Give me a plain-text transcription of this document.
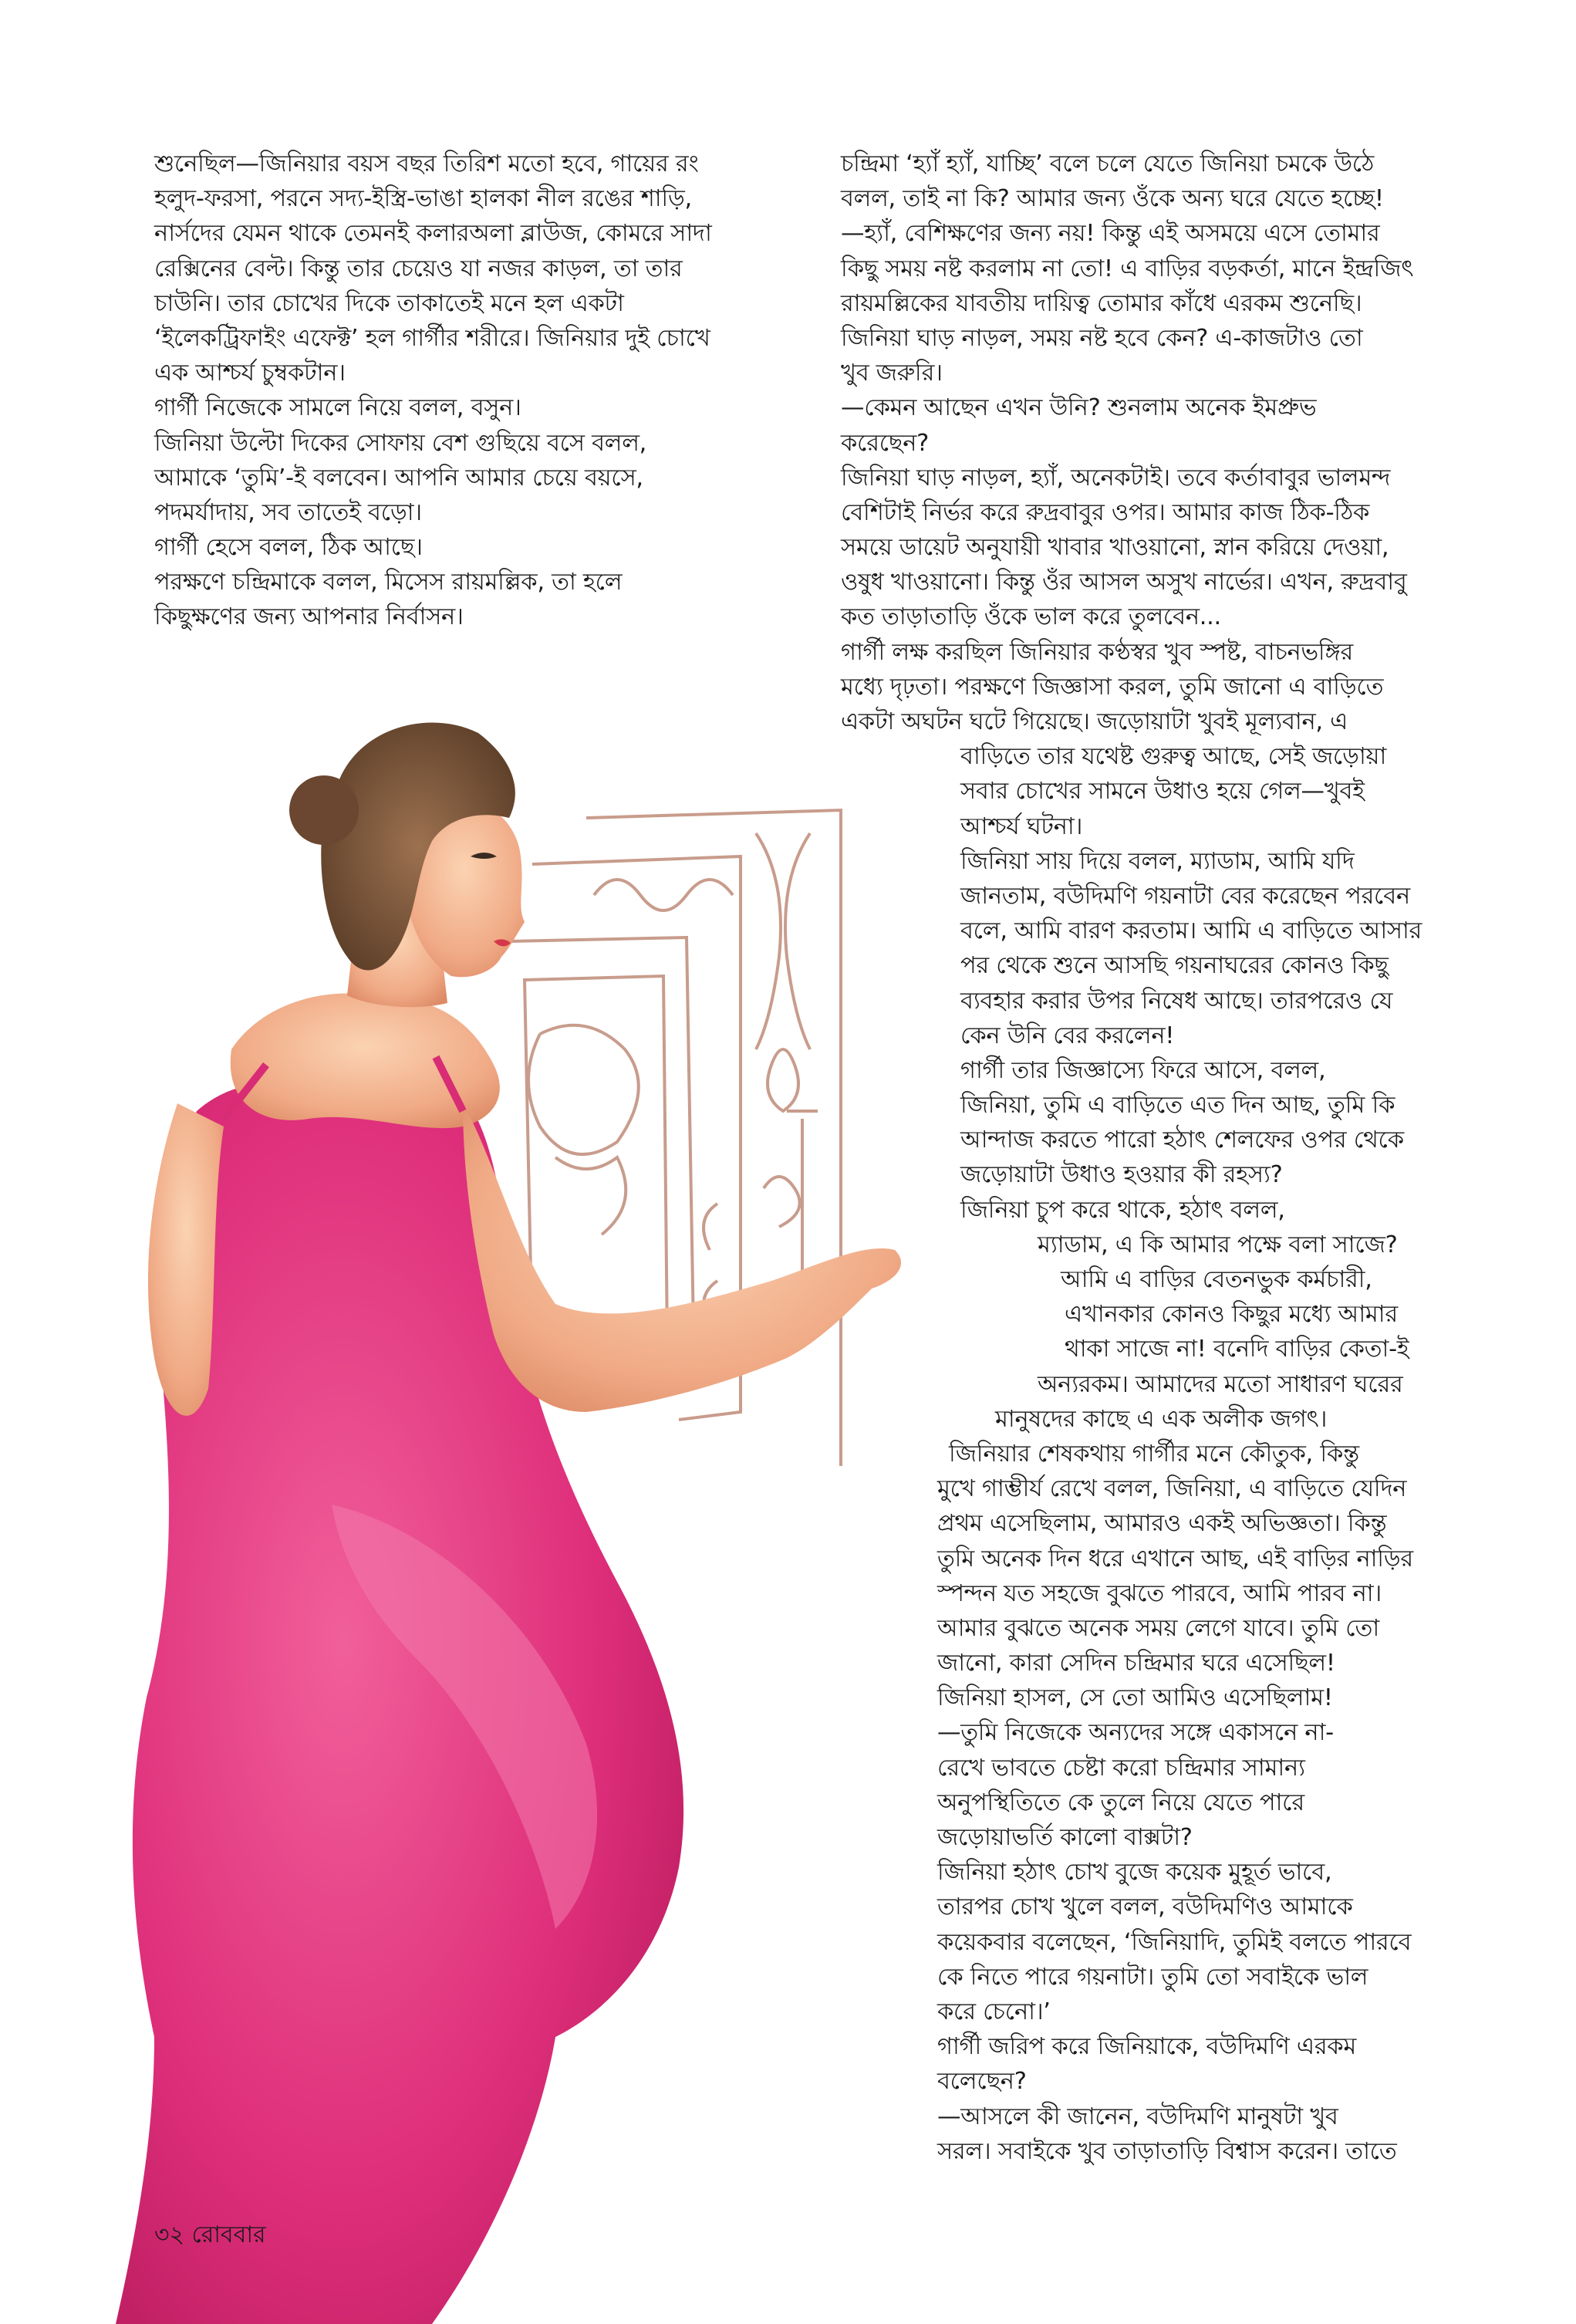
শুনেছিল—জিনিয়ার বয়স বছর তিরিশ মতো হবে, গায়ের রং
হলুদ-ফরসা, পরনে সদ্য-ইস্ত্রি-ভাঙা হালকা নীল রঙের শাড়ি,
নার্সদের যেমন থাকে তেমনই কলারঅলা ব্লাউজ, কোমরে সাদা
রেক্সিনের বেল্ট। কিন্তু তার চেয়েও যা নজর কাড়ল, তা তার
চাউনি। তার চোখের দিকে তাকাতেই মনে হল একটা
‘ইলেকট্রিফাইং এফেক্ট’ হল গার্গীর শরীরে। জিনিয়ার দুই চোখে
এক আশ্চর্য চুম্বকটান।
গার্গী নিজেকে সামলে নিয়ে বলল, বসুন।
জিনিয়া উল্টো দিকের সোফায় বেশ গুছিয়ে বসে বলল,
আমাকে ‘তুমি’-ই বলবেন। আপনি আমার চেয়ে বয়সে,
পদমর্যাদায়, সব তাতেই বড়ো।
গার্গী হেসে বলল, ঠিক আছে।
পরক্ষণে চন্দ্রিমাকে বলল, মিসেস রায়মল্লিক, তা হলে
কিছুক্ষণের জন্য আপনার নির্বাসন।
চন্দ্রিমা ‘হ্যাঁ হ্যাঁ, যাচ্ছি’ বলে চলে যেতে জিনিয়া চমকে উঠে
বলল, তাই না কি? আমার জন্য ওঁকে অন্য ঘরে যেতে হচ্ছে!
—হ্যাঁ, বেশিক্ষণের জন্য নয়! কিন্তু এই অসময়ে এসে তোমার
কিছু সময় নষ্ট করলাম না তো! এ বাড়ির বড়কর্তা, মানে ইন্দ্রজিৎ
রায়মল্লিকের যাবতীয় দায়িত্ব তোমার কাঁধে এরকম শুনেছি।
জিনিয়া ঘাড় নাড়ল, সময় নষ্ট হবে কেন? এ-কাজটাও তো
খুব জরুরি।
—কেমন আছেন এখন উনি? শুনলাম অনেক ইমপ্রুভ
করেছেন?
জিনিয়া ঘাড় নাড়ল, হ্যাঁ, অনেকটাই। তবে কর্তাবাবুর ভালমন্দ
বেশিটাই নির্ভর করে রুদ্রবাবুর ওপর। আমার কাজ ঠিক-ঠিক
সময়ে ডায়েট অনুযায়ী খাবার খাওয়ানো, স্নান করিয়ে দেওয়া,
ওষুধ খাওয়ানো। কিন্তু ওঁর আসল অসুখ নার্ভের। এখন, রুদ্রবাবু
কত তাড়াতাড়ি ওঁকে ভাল করে তুলবেন...
গার্গী লক্ষ করছিল জিনিয়ার কণ্ঠস্বর খুব স্পষ্ট, বাচনভঙ্গির
মধ্যে দৃঢ়তা। পরক্ষণে জিজ্ঞাসা করল, তুমি জানো এ বাড়িতে
একটা অঘটন ঘটে গিয়েছে। জড়োয়াটা খুবই মূল্যবান, এ
বাড়িতে তার যথেষ্ট গুরুত্ব আছে, সেই জড়োয়া
সবার চোখের সামনে উধাও হয়ে গেল—খুবই
আশ্চর্য ঘটনা।
জিনিয়া সায় দিয়ে বলল, ম্যাডাম, আমি যদি
জানতাম, বউদিমণি গয়নাটা বের করেছেন পরবেন
বলে, আমি বারণ করতাম। আমি এ বাড়িতে আসার
পর থেকে শুনে আসছি গয়নাঘরের কোনও কিছু
ব্যবহার করার উপর নিষেধ আছে। তারপরেও যে
কেন উনি বের করলেন!
গার্গী তার জিজ্ঞাস্যে ফিরে আসে, বলল,
জিনিয়া, তুমি এ বাড়িতে এত দিন আছ, তুমি কি
আন্দাজ করতে পারো হঠাৎ শেলফের ওপর থেকে
জড়োয়াটা উধাও হওয়ার কী রহস্য?
জিনিয়া চুপ করে থাকে, হঠাৎ বলল,
ম্যাডাম, এ কি আমার পক্ষে বলা সাজে?
আমি এ বাড়ির বেতনভুক কর্মচারী,
এখানকার কোনও কিছুর মধ্যে আমার
থাকা সাজে না! বনেদি বাড়ির কেতা-ই
অন্যরকম। আমাদের মতো সাধারণ ঘরের
মানুষদের কাছে এ এক অলীক জগৎ।
জিনিয়ার শেষকথায় গার্গীর মনে কৌতুক, কিন্তু
মুখে গাম্ভীর্য রেখে বলল, জিনিয়া, এ বাড়িতে যেদিন
প্রথম এসেছিলাম, আমারও একই অভিজ্ঞতা। কিন্তু
তুমি অনেক দিন ধরে এখানে আছ, এই বাড়ির নাড়ির
স্পন্দন যত সহজে বুঝতে পারবে, আমি পারব না।
আমার বুঝতে অনেক সময় লেগে যাবে। তুমি তো
জানো, কারা সেদিন চন্দ্রিমার ঘরে এসেছিল!
জিনিয়া হাসল, সে তো আমিও এসেছিলাম!
—তুমি নিজেকে অন্যদের সঙ্গে একাসনে না-
রেখে ভাবতে চেষ্টা করো চন্দ্রিমার সামান্য
অনুপস্থিতিতে কে তুলে নিয়ে যেতে পারে
জড়োয়াভর্তি কালো বাক্সটা?
জিনিয়া হঠাৎ চোখ বুজে কয়েক মুহূর্ত ভাবে,
তারপর চোখ খুলে বলল, বউদিমণিও আমাকে
কয়েকবার বলেছেন, ‘জিনিয়াদি, তুমিই বলতে পারবে
কে নিতে পারে গয়নাটা। তুমি তো সবাইকে ভাল
করে চেনো।’
গার্গী জরিপ করে জিনিয়াকে, বউদিমণি এরকম
বলেছেন?
—আসলে কী জানেন, বউদিমণি মানুষটা খুব
সরল। সবাইকে খুব তাড়াতাড়ি বিশ্বাস করেন। তাতে
৩২ রোববার
